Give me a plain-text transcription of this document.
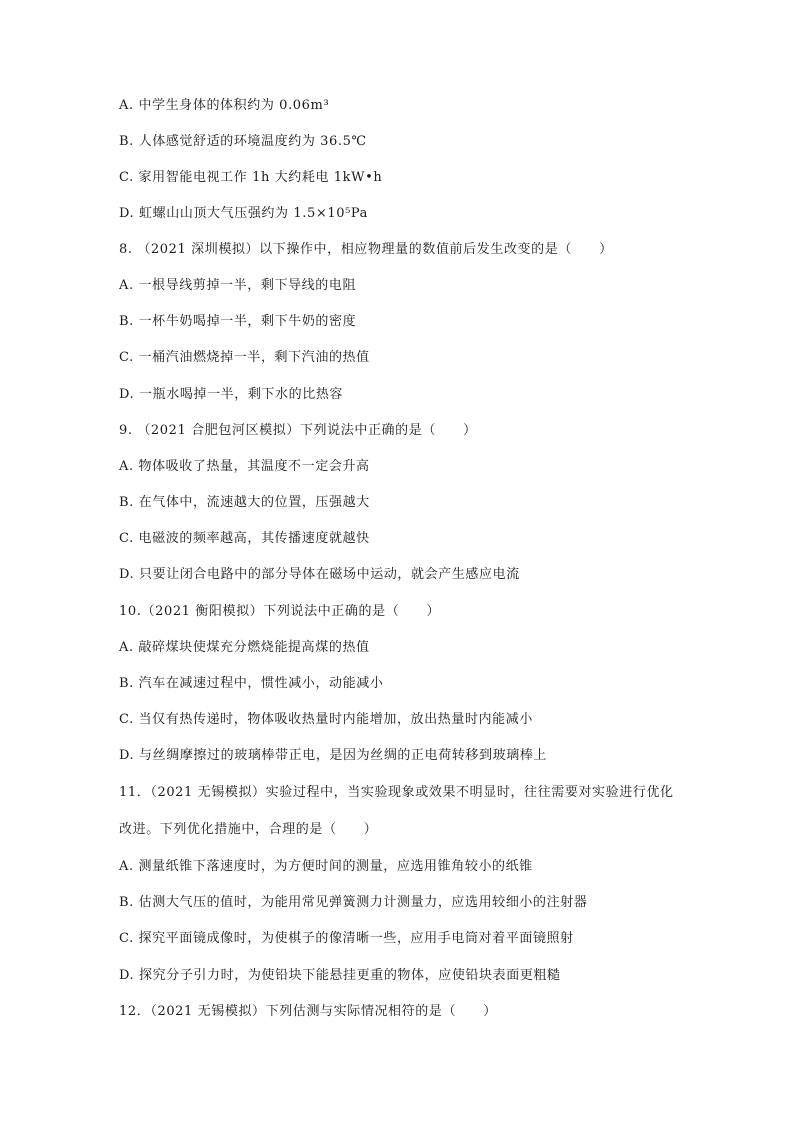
A. 中学生身体的体积约为 0.06m³
B. 人体感觉舒适的环境温度约为 36.5℃
C. 家用智能电视工作 1h 大约耗电 1kW•h
D. 虹螺山山顶大气压强约为 1.5×10⁵Pa
8. （2021 深圳模拟）以下操作中，相应物理量的数值前后发生改变的是（　　）
A. 一根导线剪掉一半，剩下导线的电阻
B. 一杯牛奶喝掉一半，剩下牛奶的密度
C. 一桶汽油燃烧掉一半，剩下汽油的热值
D. 一瓶水喝掉一半，剩下水的比热容
9. （2021 合肥包河区模拟）下列说法中正确的是（　　）
A. 物体吸收了热量，其温度不一定会升高
B. 在气体中，流速越大的位置，压强越大
C. 电磁波的频率越高，其传播速度就越快
D. 只要让闭合电路中的部分导体在磁场中运动，就会产生感应电流
10.（2021 衡阳模拟）下列说法中正确的是（　　）
A. 敲碎煤块使煤充分燃烧能提高煤的热值
B. 汽车在减速过程中，惯性减小，动能减小
C. 当仅有热传递时，物体吸收热量时内能增加，放出热量时内能减小
D. 与丝绸摩擦过的玻璃棒带正电，是因为丝绸的正电荷转移到玻璃棒上
11．（2021 无锡模拟）实验过程中，当实验现象或效果不明显时，往往需要对实验进行优化
改进。下列优化措施中，合理的是（　　）
A. 测量纸锥下落速度时，为方便时间的测量，应选用锥角较小的纸锥
B. 估测大气压的值时，为能用常见弹簧测力计测量力，应选用较细小的注射器
C. 探究平面镜成像时，为使棋子的像清晰一些，应用手电筒对着平面镜照射
D. 探究分子引力时，为使铅块下能悬挂更重的物体，应使铅块表面更粗糙
12．（2021 无锡模拟）下列估测与实际情况相符的是（　　）
